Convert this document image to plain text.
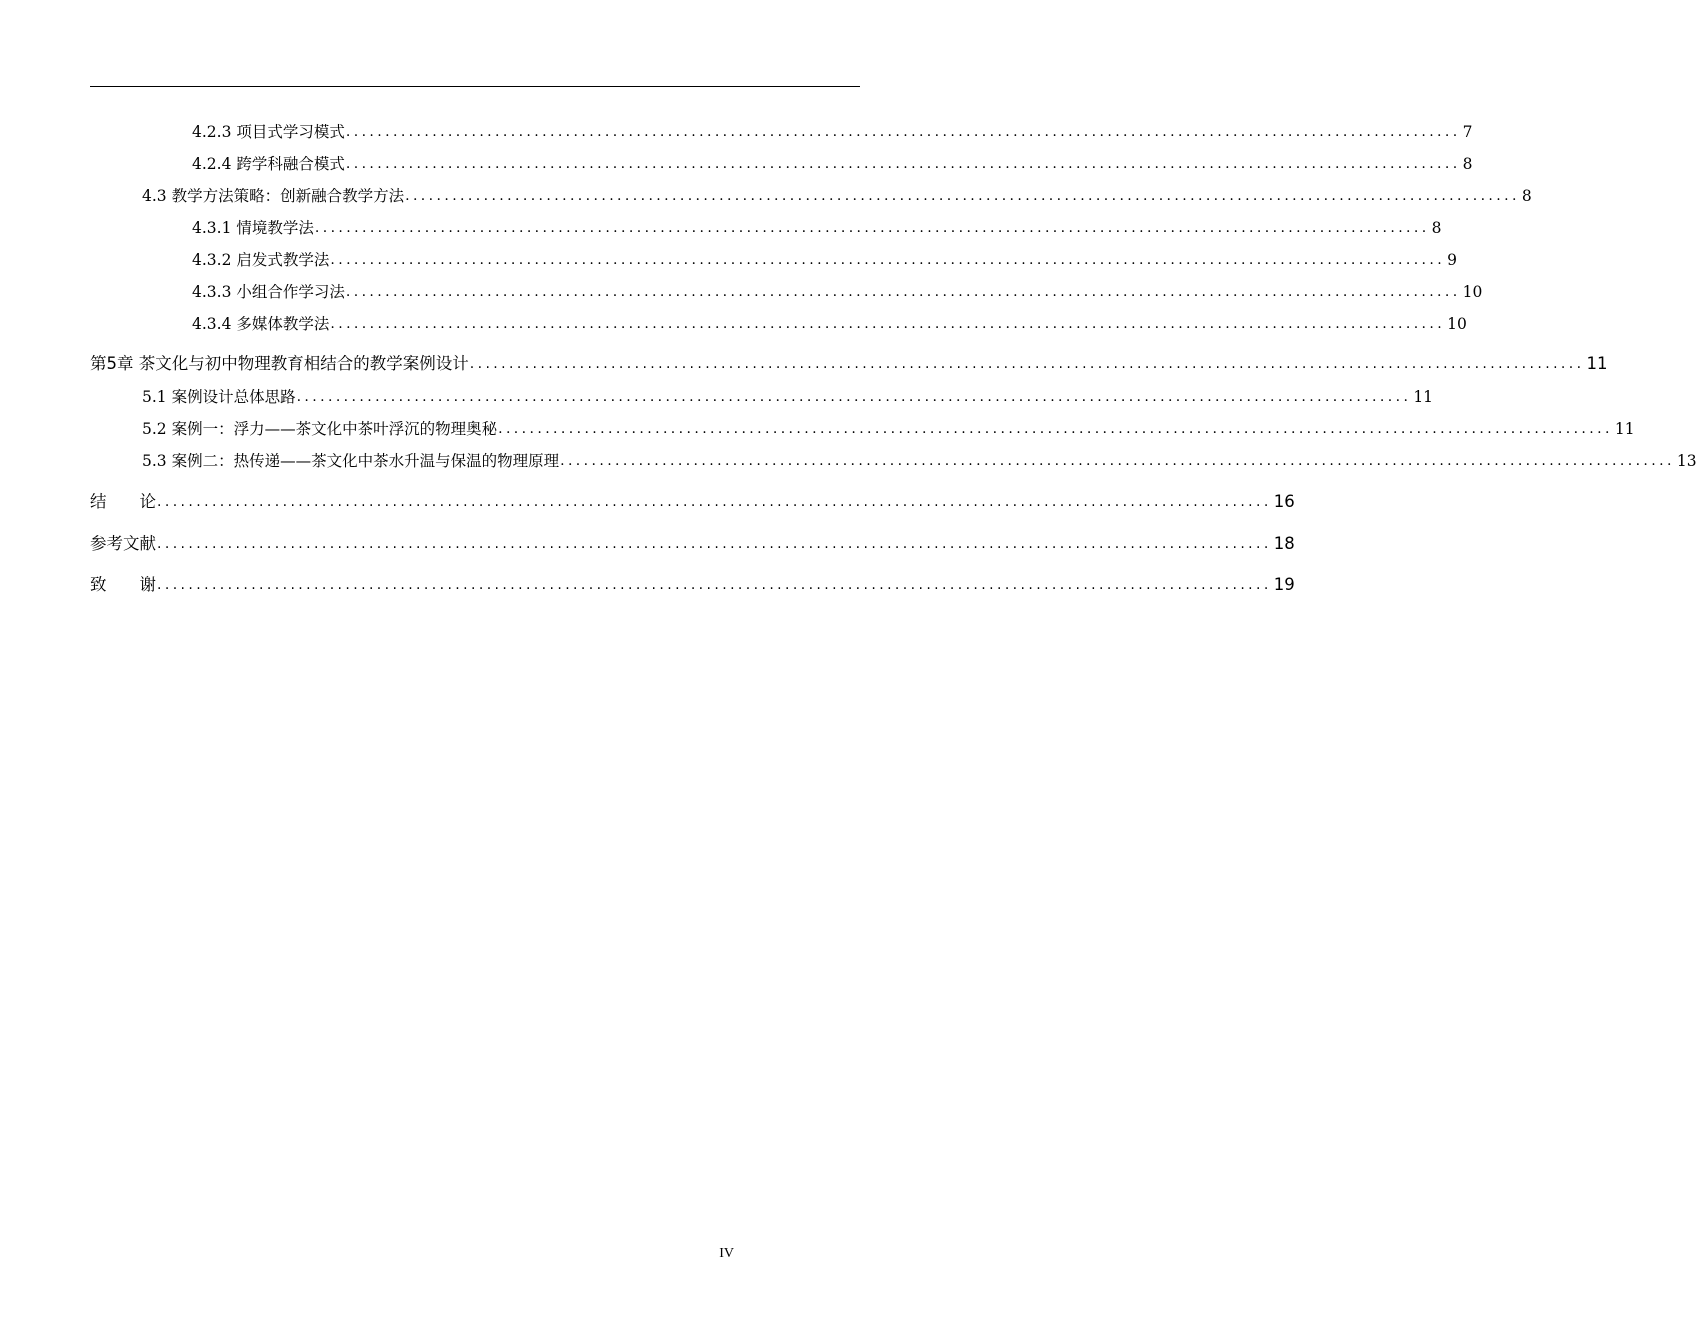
4.2.3 项目式学习模式 .............................................................................................................................................. 7
4.2.4 跨学科融合模式 .............................................................................................................................................. 8
4.3 教学方法策略：创新融合教学方法 .............................................................................................................................................. 8
4.3.1 情境教学法 .............................................................................................................................................. 8
4.3.2 启发式教学法 .............................................................................................................................................. 9
4.3.3 小组合作学习法 .............................................................................................................................................. 10
4.3.4 多媒体教学法 .............................................................................................................................................. 10
第5章 茶文化与初中物理教育相结合的教学案例设计 .............................................................................................................................................. 11
5.1 案例设计总体思路 .............................................................................................................................................. 11
5.2 案例一：浮力——茶文化中茶叶浮沉的物理奥秘 .............................................................................................................................................. 11
5.3 案例二：热传递——茶文化中茶水升温与保温的物理原理 .............................................................................................................................................. 13
结　　论 .............................................................................................................................................. 16
参考文献 .............................................................................................................................................. 18
致　　谢 .............................................................................................................................................. 19
IV
